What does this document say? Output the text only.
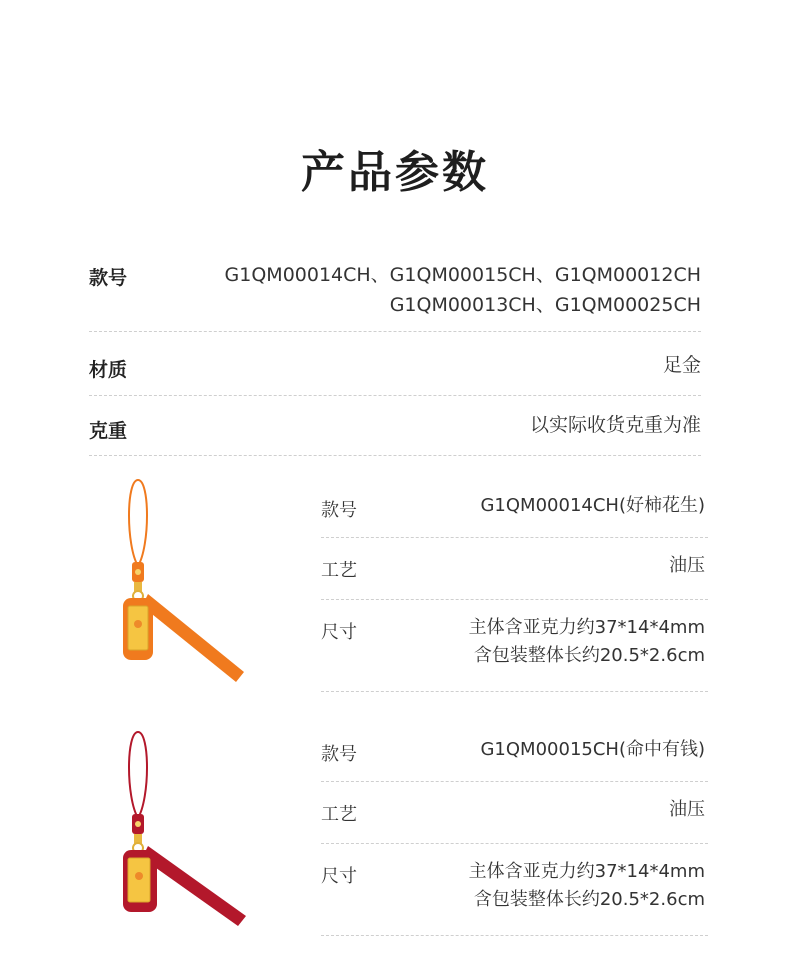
产品参数
款号	G1QM00014CH、G1QM00015CH、G1QM00012CH
G1QM00013CH、G1QM00025CH
材质	足金
克重	以实际收货克重为准
款号	G1QM00014CH(好柿花生)
工艺	油压
尺寸	主体含亚克力约37*14*4mm
含包装整体长约20.5*2.6cm
款号	G1QM00015CH(命中有钱)
工艺	油压
尺寸	主体含亚克力约37*14*4mm
含包装整体长约20.5*2.6cm
